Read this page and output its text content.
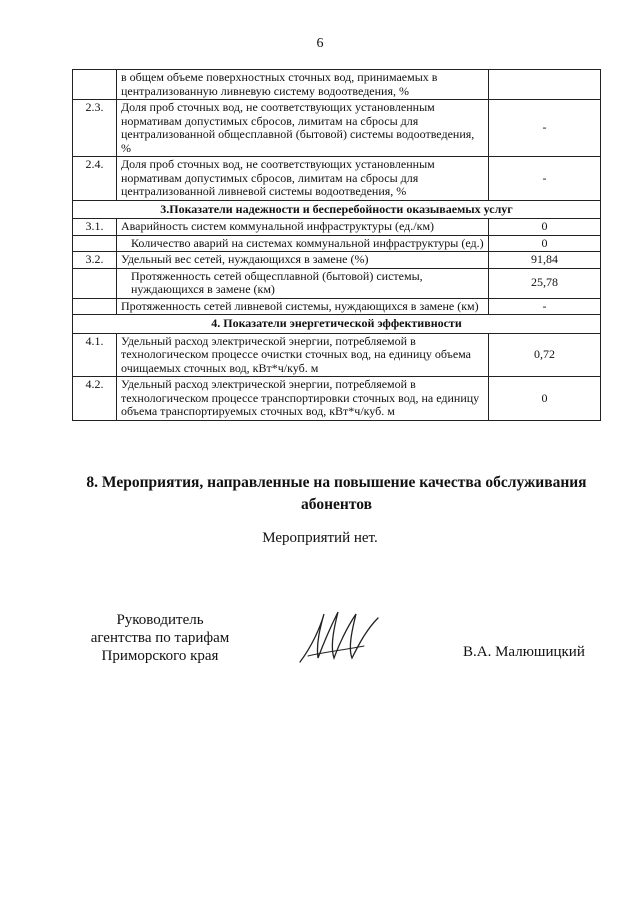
6
	в общем объеме поверхностных сточных вод, принимаемых в централизованную ливневую систему водоотведения, %	
2.3.	Доля проб сточных вод, не соответствующих установленным нормативам допустимых сбросов, лимитам на сбросы для централизованной общесплавной (бытовой) системы водоотведения, %	-
2.4.	Доля проб сточных вод, не соответствующих установленным нормативам допустимых сбросов, лимитам на сбросы для централизованной ливневой системы водоотведения, %	-
3.Показатели надежности и бесперебойности оказываемых услуг		
3.1.	Аварийность систем коммунальной инфраструктуры (ед./км)	0
	Количество аварий на системах коммунальной инфраструктуры (ед.)	0
3.2.	Удельный вес сетей, нуждающихся в замене (%)	91,84
	Протяженность сетей общесплавной (бытовой) системы, нуждающихся в замене (км)	25,78
	Протяженность сетей ливневой системы, нуждающихся в замене (км)	-
4. Показатели энергетической эффективности		
4.1.	Удельный расход электрической энергии, потребляемой в технологическом процессе очистки сточных вод, на единицу объема очищаемых сточных вод, кВт*ч/куб. м	0,72
4.2.	Удельный расход электрической энергии, потребляемой в технологическом процессе транспортировки сточных вод, на единицу объема транспортируемых сточных вод, кВт*ч/куб. м	0
8. Мероприятия, направленные на повышение качества обслуживания абонентов
Мероприятий нет.
Руководитель
агентства по тарифам
Приморского края	В.А. Малюшицкий
